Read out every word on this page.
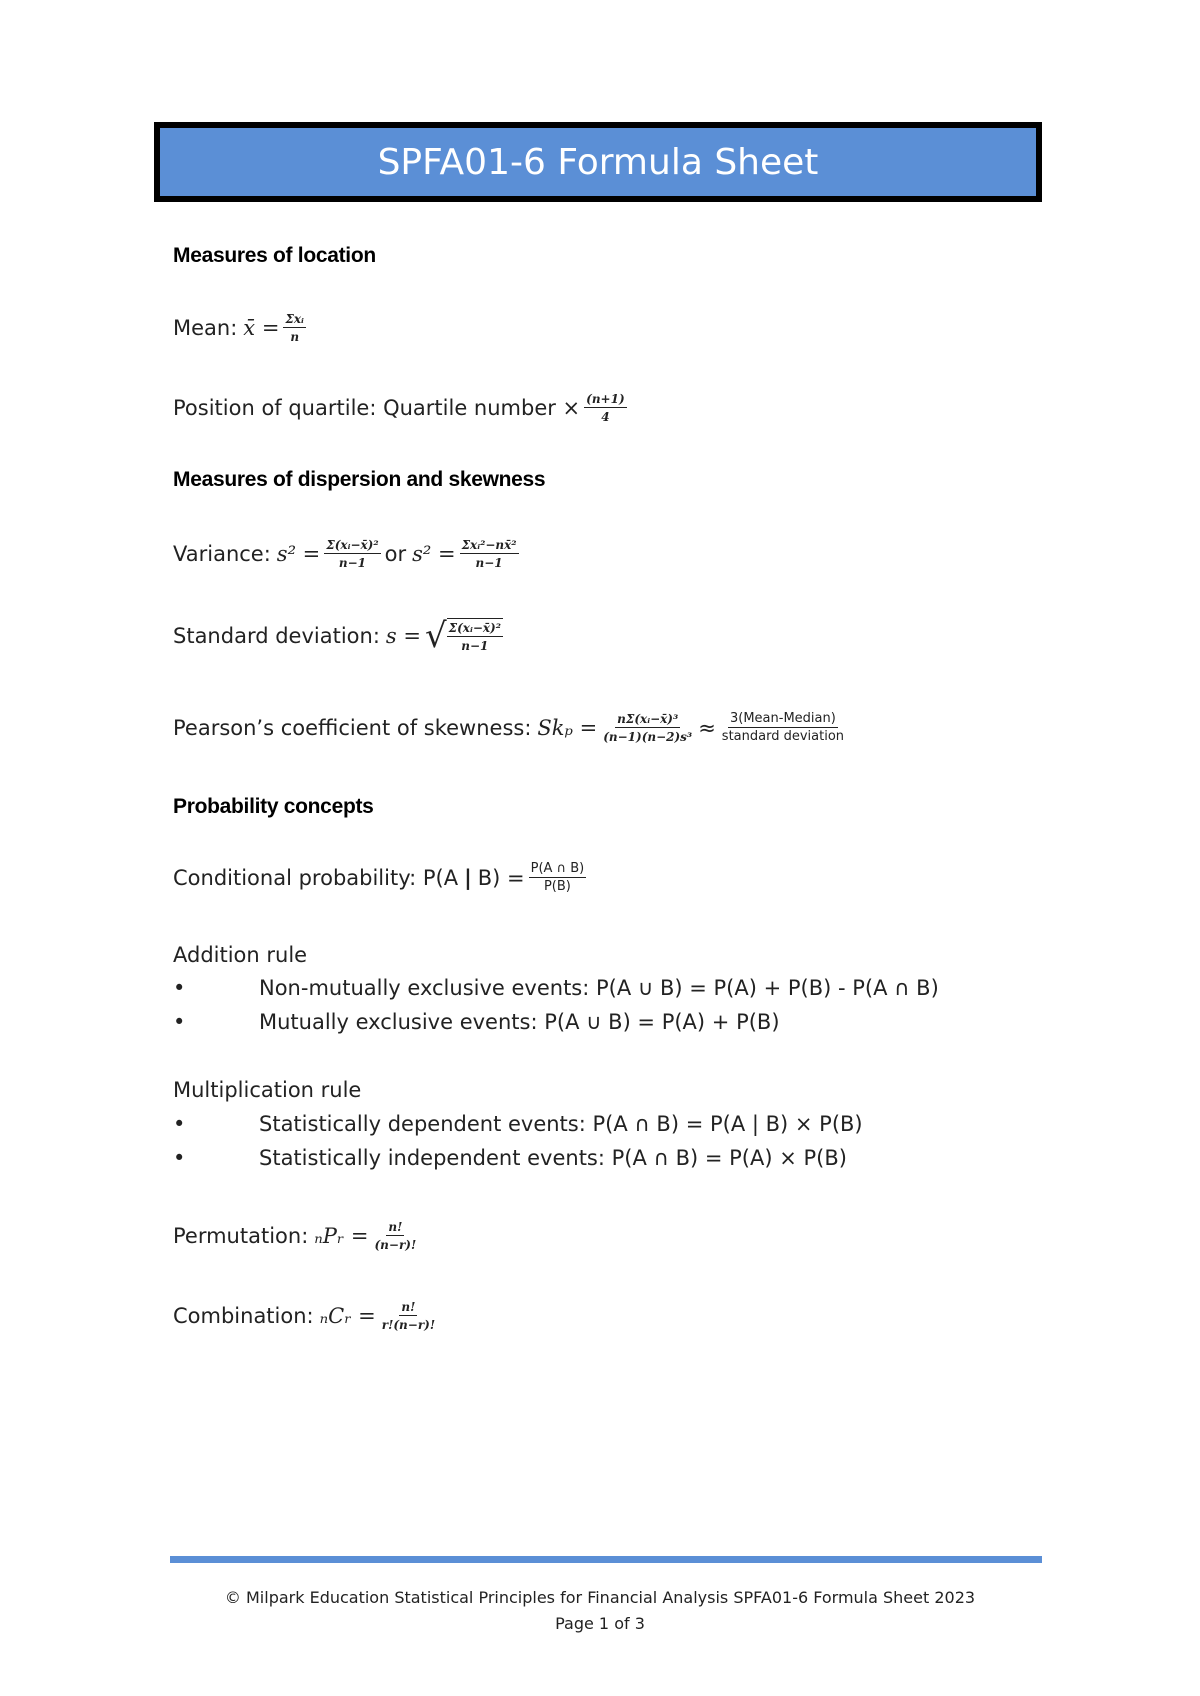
SPFA01-6 Formula Sheet
Measures of location
Mean: x̄ = $\frac{\text{Σxᵢ}}{n}$
Position of quartile: Quartile number × $\frac{(n+1)}{4}$
Measures of dispersion and skewness
Variance: $s^2 = \frac{\text{Σ(xᵢ−x̄)²}}{n-1}$ or $s^2 = \frac{\text{Σxᵢ²−nx̄²}}{n-1}$
Standard deviation: s = √ $\frac{\text{Σ(xᵢ−x̄)²}}{n-1}$
Pearson’s coefficient of skewness: $Sk_p = \frac{\text{nΣ(xᵢ−x̄)³}}{\text{(n−1)(n−2)s³}} \approx \frac{\text{3(Mean-Median)}}{\text{standard deviation}}$
Probability concepts
Conditional probability: P(A | $B) = \frac{P(A \cap B)}{P(B)}$
Addition rule
•	Non-mutually exclusive events: P(A ∪ B) = P(A) + P(B) - P(A ∩ B)
•	Mutually exclusive events: P(A ∪ B) = P(A) + P(B)
Multiplication rule
•	Statistically dependent events: P(A ∩ B) = P(A | B) × P(B)
•	Statistically independent events: P(A ∩ B) = P(A) × P(B)
Permutation: ₙPᵣ = $\frac{n!}{(n-r)!}$
Combination: ₙCᵣ = $\frac{n!}{r!(n-r)!}$
© Milpark Education Statistical Principles for Financial Analysis SPFA01-6 Formula Sheet 2023
Page 1 of 3
